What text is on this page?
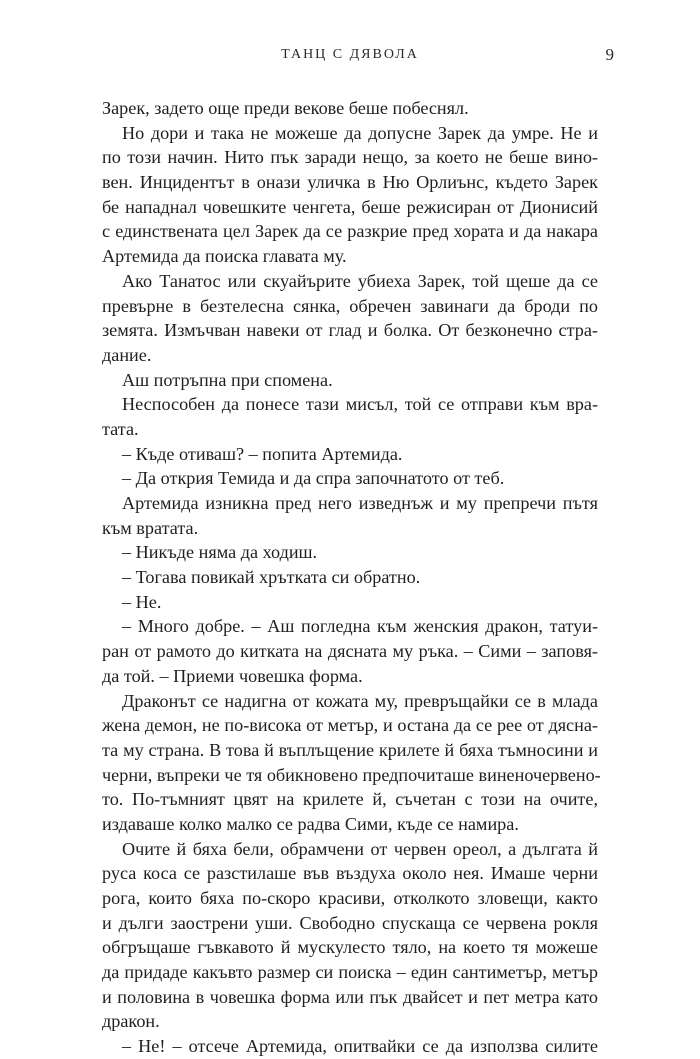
ТАНЦ С ДЯВОЛА	9
Зарек, задето още преди векове беше побеснял.
Но дори и така не можеше да допусне Зарек да умре. Не и
по този начин. Нито пък заради нещо, за което не беше вино-
вен. Инцидентът в онази уличка в Ню Орлиънс, където Зарек
бе нападнал човешките ченгета, беше режисиран от Дионисий
с единствената цел Зарек да се разкрие пред хората и да накара
Артемида да поиска главата му.
Ако Танатос или скуайърите убиеха Зарек, той щеше да се
превърне в безтелесна сянка, обречен завинаги да броди по
земята. Измъчван навеки от глад и болка. От безконечно стра-
дание.
Аш потръпна при спомена.
Неспособен да понесе тази мисъл, той се отправи към вра-
тата.
– Къде отиваш? – попита Артемида.
– Да открия Темида и да спра започнатото от теб.
Артемида изникна пред него изведнъж и му препречи пътя
към вратата.
– Никъде няма да ходиш.
– Тогава повикай хрътката си обратно.
– Не.
– Много добре. – Аш погледна към женския дракон, татуи-
ран от рамото до китката на дясната му ръка. – Сими – заповя-
да той. – Приеми човешка форма.
Драконът се надигна от кожата му, превръщайки се в млада
жена демон, не по-висока от метър, и остана да се рее от дясна-
та му страна. В това й въплъщение крилете й бяха тъмносини и
черни, въпреки че тя обикновено предпочиташе виненочервено-
то. По-тъмният цвят на крилете й, съчетан с този на очите,
издаваше колко малко се радва Сими, къде се намира.
Очите й бяха бели, обрамчени от червен ореол, а дългата й
руса коса се разстилаше във въздуха около нея. Имаше черни
рога, които бяха по-скоро красиви, отколкото зловещи, както
и дълги заострени уши. Свободно спускаща се червена рокля
обгръщаше гъвкавото й мускулесто тяло, на което тя можеше
да придаде какъвто размер си поиска – един сантиметър, метър
и половина в човешка форма или пък двайсет и пет метра като
дракон.
– Не! – отсече Артемида, опитвайки се да използва силите
